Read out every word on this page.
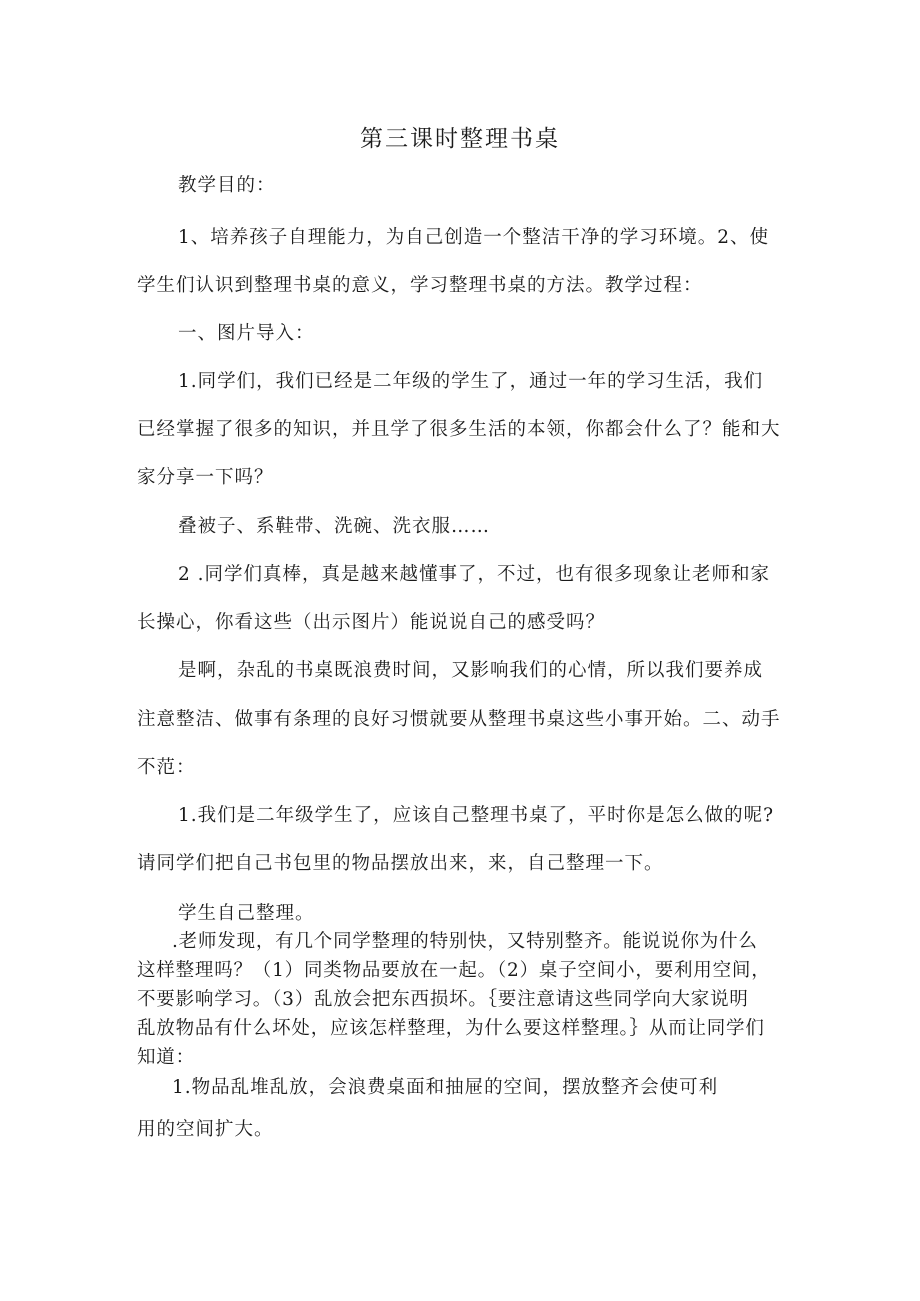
第三课时整理书桌
教学目的：
1、培养孩子自理能力，为自己创造一个整洁干净的学习环境。2、使
学生们认识到整理书桌的意义，学习整理书桌的方法。教学过程：
一、图片导入：
1.同学们，我们已经是二年级的学生了，通过一年的学习生活，我们
已经掌握了很多的知识，并且学了很多生活的本领，你都会什么了？能和大
家分享一下吗？
叠被子、系鞋带、洗碗、洗衣服……
2 .同学们真棒，真是越来越懂事了，不过，也有很多现象让老师和家
长操心，你看这些（出示图片）能说说自己的感受吗？
是啊，杂乱的书桌既浪费时间，又影响我们的心情，所以我们要养成
注意整洁、做事有条理的良好习惯就要从整理书桌这些小事开始。二、动手
不范：
1.我们是二年级学生了，应该自己整理书桌了，平时你是怎么做的呢?
请同学们把自己书包里的物品摆放出来，来，自己整理一下。
学生自己整理。
.老师发现，有几个同学整理的特别快，又特别整齐。能说说你为什么
这样整理吗？（1）同类物品要放在一起。（2）桌子空间小，要利用空间，
不要影响学习。（3）乱放会把东西损坏。｛要注意请这些同学向大家说明
乱放物品有什么坏处，应该怎样整理，为什么要这样整理。｝从而让同学们
知道：
1.物品乱堆乱放，会浪费桌面和抽屉的空间，摆放整齐会使可利
用的空间扩大。
